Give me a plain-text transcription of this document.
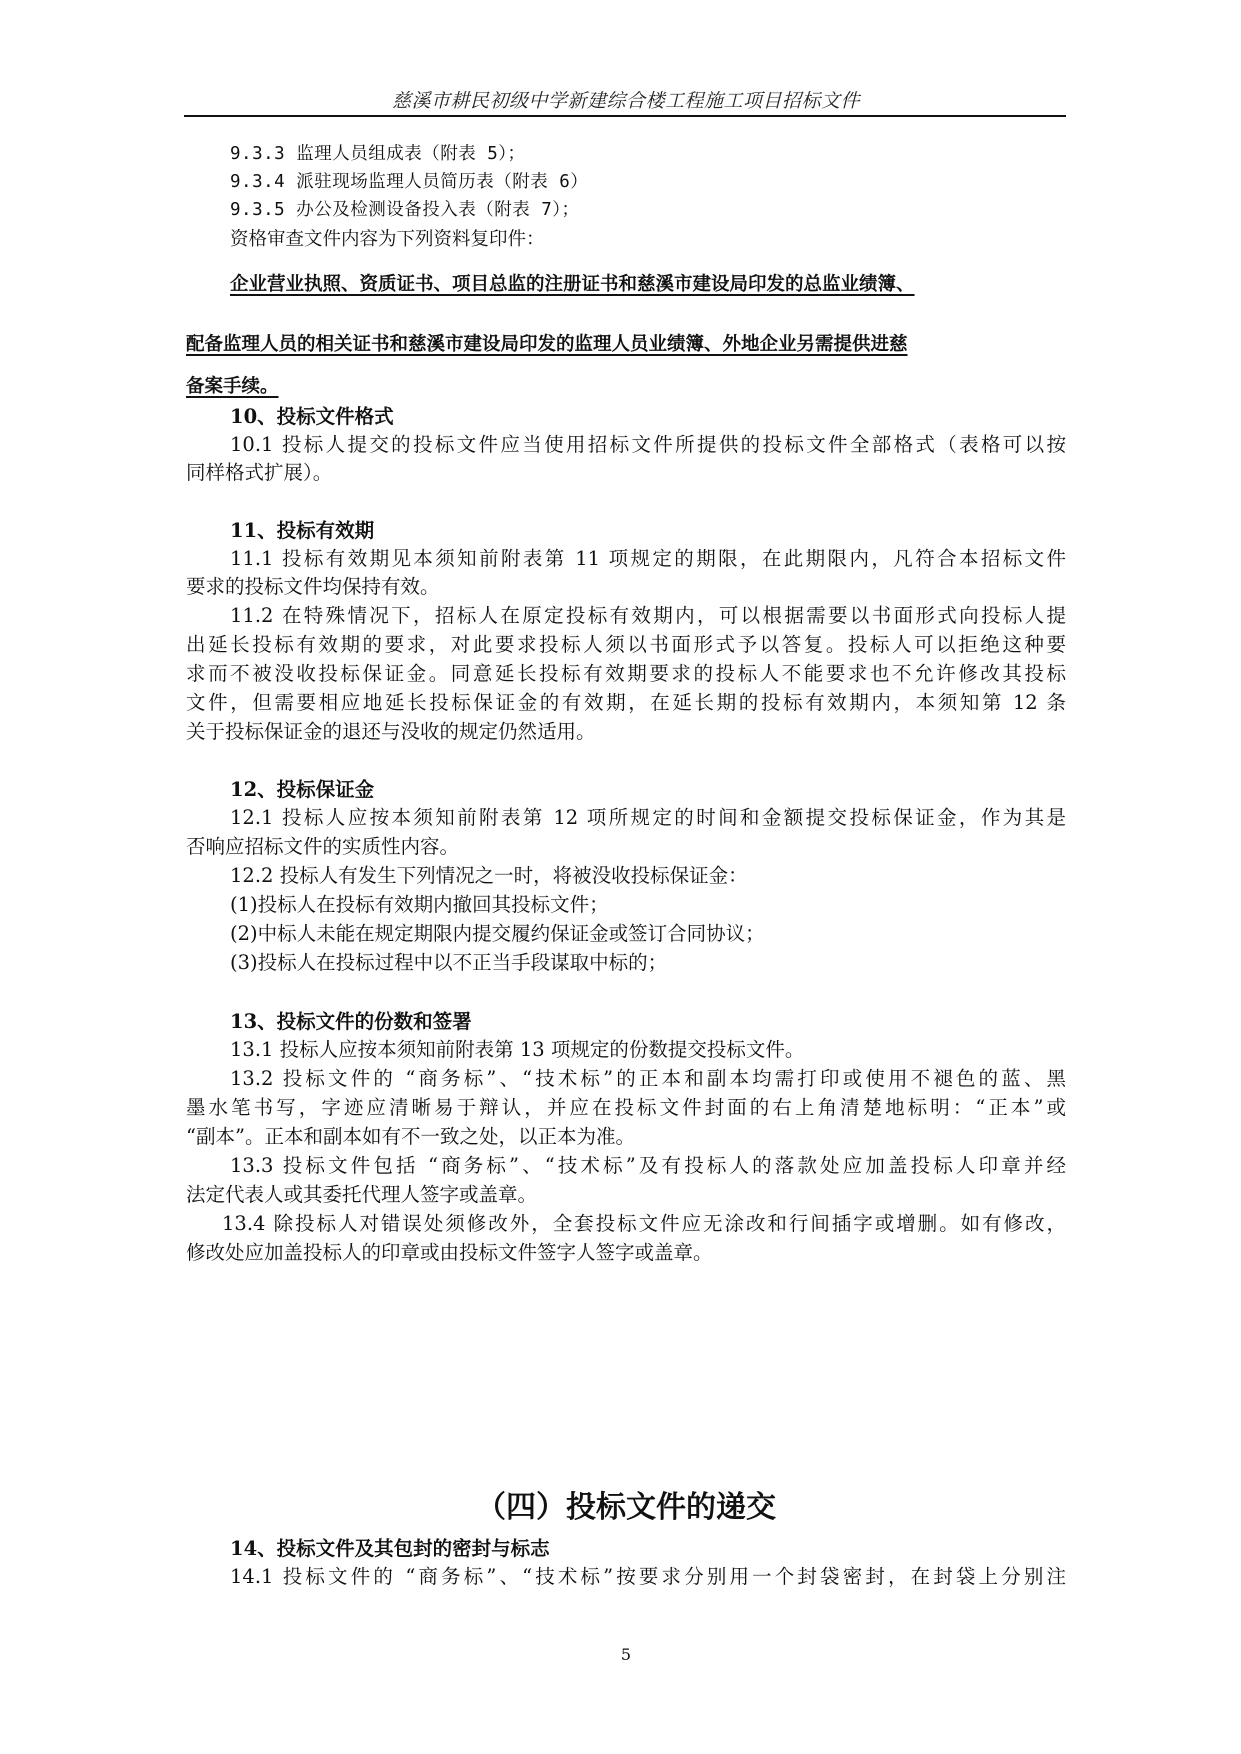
慈溪市耕民初级中学新建综合楼工程施工项目招标文件
9.3.3 监理人员组成表（附表 5）；
9.3.4 派驻现场监理人员简历表（附表 6）
9.3.5 办公及检测设备投入表（附表 7）；
资格审查文件内容为下列资料复印件：
企业营业执照、资质证书、项目总监的注册证书和慈溪市建设局印发的总监业绩簿、
配备监理人员的相关证书和慈溪市建设局印发的监理人员业绩簿、外地企业另需提供进慈
备案手续。
10、投标文件格式
10.1 投标人提交的投标文件应当使用招标文件所提供的投标文件全部格式（表格可以按
同样格式扩展）。
11、投标有效期
11.1 投标有效期见本须知前附表第 11 项规定的期限，在此期限内，凡符合本招标文件
要求的投标文件均保持有效。
11.2 在特殊情况下，招标人在原定投标有效期内，可以根据需要以书面形式向投标人提
出延长投标有效期的要求，对此要求投标人须以书面形式予以答复。投标人可以拒绝这种要
求而不被没收投标保证金。同意延长投标有效期要求的投标人不能要求也不允许修改其投标
文件，但需要相应地延长投标保证金的有效期，在延长期的投标有效期内，本须知第 12 条
关于投标保证金的退还与没收的规定仍然适用。
12、投标保证金
12.1 投标人应按本须知前附表第 12 项所规定的时间和金额提交投标保证金，作为其是
否响应招标文件的实质性内容。
12.2 投标人有发生下列情况之一时，将被没收投标保证金：
(1)投标人在投标有效期内撤回其投标文件；
(2)中标人未能在规定期限内提交履约保证金或签订合同协议；
(3)投标人在投标过程中以不正当手段谋取中标的；
13、投标文件的份数和签署
13.1 投标人应按本须知前附表第 13 项规定的份数提交投标文件。
13.2 投标文件的 “商务标”、“技术标”的正本和副本均需打印或使用不褪色的蓝、黑
墨水笔书写，字迹应清晰易于辩认，并应在投标文件封面的右上角清楚地标明：“正本”或
“副本”。正本和副本如有不一致之处，以正本为准。
13.3 投标文件包括 “商务标”、“技术标”及有投标人的落款处应加盖投标人印章并经
法定代表人或其委托代理人签字或盖章。
13.4 除投标人对错误处须修改外，全套投标文件应无涂改和行间插字或增删。如有修改，
修改处应加盖投标人的印章或由投标文件签字人签字或盖章。
（四）投标文件的递交
14、投标文件及其包封的密封与标志
14.1 投标文件的 “商务标”、“技术标”按要求分别用一个封袋密封，在封袋上分别注
5
